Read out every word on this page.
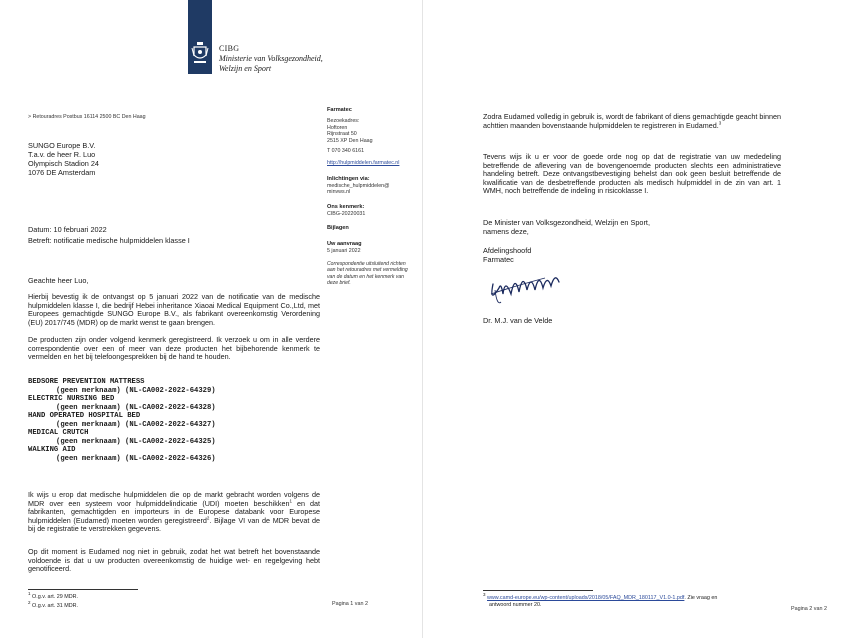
CIBG
Ministerie van Volksgezondheid,
Welzijn en Sport
> Retouradres Postbus 16114 2500 BC Den Haag
SUNGO Europe B.V.
T.a.v. de heer R. Luo
Olympisch Stadion 24
1076 DE Amsterdam
Datum: 10 februari 2022
Betreft: notificatie medische hulpmiddelen klasse I
Farmatec
Bezoekadres:
Hoftoren
Rijnstraat 50
2515 XP Den Haag
T 070 340 6161
http://hulpmiddelen.farmatec.nl
Inlichtingen via:
medische_hulpmiddelen@
minvws.nl
Ons kenmerk:
CIBG-20220031
Bijlagen
Uw aanvraag
5 januari 2022
Correspondentie uitsluitend richten aan het retouradres met vermelding van de datum en het kenmerk van deze brief.
Geachte heer Luo,
Hierbij bevestig ik de ontvangst op 5 januari 2022 van de notificatie van de medische hulpmiddelen klasse I, die bedrijf Hebei inheritance Xiaoai Medical Equipment Co.,Ltd, met Europees gemachtigde SUNGO Europe B.V., als fabrikant overeenkomstig Verordening (EU) 2017/745 (MDR) op de markt wenst te gaan brengen.
De producten zijn onder volgend kenmerk geregistreerd. Ik verzoek u om in alle verdere correspondentie over een of meer van deze producten het bijbehorende kenmerk te vermelden en het bij telefoongesprekken bij de hand te houden.
BEDSORE PREVENTION MATTRESS
(geen merknaam) (NL-CA002-2022-64329)
ELECTRIC NURSING BED
(geen merknaam) (NL-CA002-2022-64328)
HAND OPERATED HOSPITAL BED
(geen merknaam) (NL-CA002-2022-64327)
MEDICAL CRUTCH
(geen merknaam) (NL-CA002-2022-64325)
WALKING AID
(geen merknaam) (NL-CA002-2022-64326)
Ik wijs u erop dat medische hulpmiddelen die op de markt gebracht worden volgens de MDR over een systeem voor hulpmiddelindicatie (UDI) moeten beschikken$^1$ en dat fabrikanten, gemachtigden en importeurs in de Europese databank voor Europese hulpmiddelen (Eudamed) moeten worden geregistreerd$^2$. Bijlage VI van de MDR bevat de bij de registratie te verstrekken gegevens.
Op dit moment is Eudamed nog niet in gebruik, zodat het wat betreft het bovenstaande voldoende is dat u uw producten overeenkomstig de huidige wet- en regelgeving hebt genotificeerd.
$^1$ O.g.v. art. 29 MDR.
$^2$ O.g.v. art. 31 MDR.	Pagina 1 van 2
Zodra Eudamed volledig in gebruik is, wordt de fabrikant of diens gemachtigde geacht binnen achttien maanden bovenstaande hulpmiddelen te registreren in Eudamed.$^3$
Tevens wijs ik u er voor de goede orde nog op dat de registratie van uw mededeling betreffende de aflevering van de bovengenoemde producten slechts een administratieve handeling betreft. Deze ontvangstbevestiging behelst dan ook geen besluit betreffende de kwalificatie van de desbetreffende producten als medisch hulpmiddel in de zin van art. 1 WMH, noch betreffende de indeling in risicoklasse I.
De Minister van Volksgezondheid, Welzijn en Sport,
namens deze,
Afdelingshoofd
Farmatec
Dr. M.J. van de Velde
$^3$ www.camd-europe.eu/wp-content/uploads/2018/05/FAQ_MDR_180117_V1.0-1.pdf. Zie vraag en
antwoord nummer 20.
Pagina 2 van 2
